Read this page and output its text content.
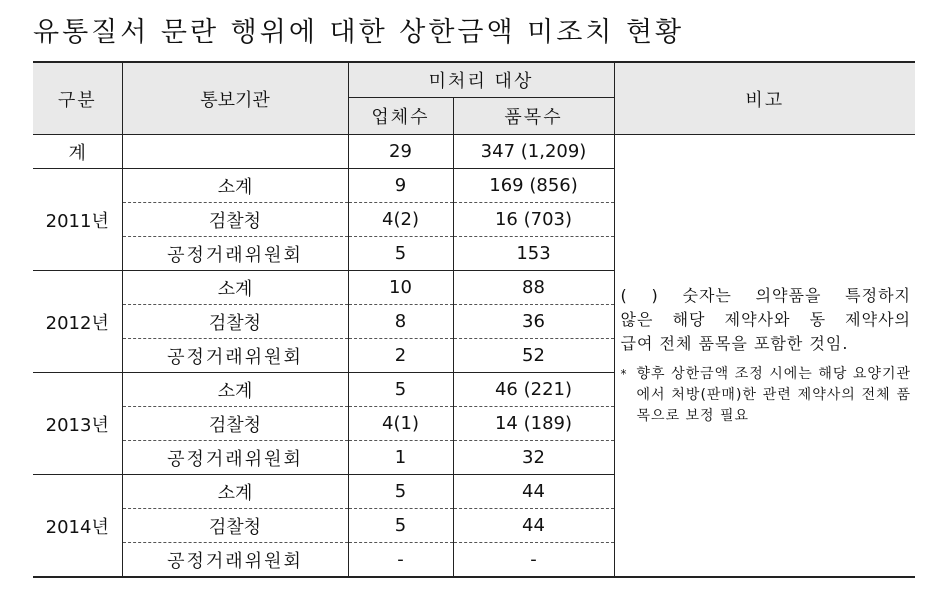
유통질서 문란 행위에 대한 상한금액 미조치 현황
구분	통보기관	미처리 대상		비고
		업체수	품목수	
계		29	347 (1,209)	( ) 숫자는 의약품을 특정하지
않은 해당 제약사와 동 제약사의
급여 전체 품목을 포함한 것임.
* 향후 상한금액 조정 시에는 해당 요양기관에서 처방(판매)한 관련 제약사의 전체 품목으로 보정 필요

2011년	소계	9	169 (856)	
	검찰청	4(2)	16 (703)	
	공정거래위원회	5	153	
2012년	소계	10	88	
	검찰청	8	36	
	공정거래위원회	2	52	
2013년	소계	5	46 (221)	
	검찰청	4(1)	14 (189)	
	공정거래위원회	1	32	
2014년	소계	5	44	
	검찰청	5	44	
	공정거래위원회	-	-	
